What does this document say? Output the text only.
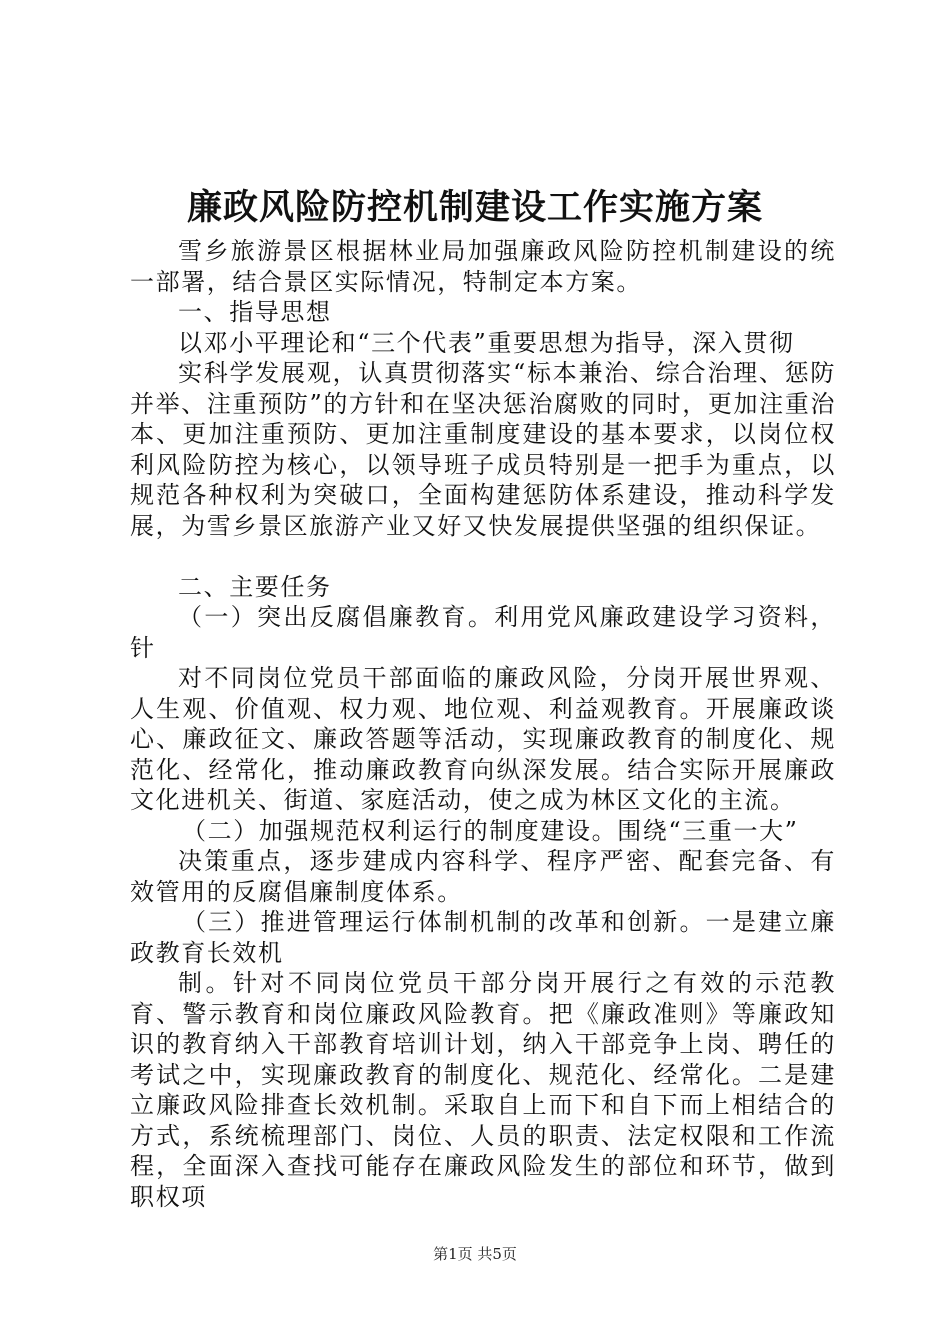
廉政风险防控机制建设工作实施方案

雪乡旅游景区根据林业局加强廉政风险防控机制建设的统一部署，结合景区实际情况，特制定本方案。

一、指导思想

以邓小平理论和“三个代表”重要思想为指导，深入贯彻

实科学发展观，认真贯彻落实“标本兼治、综合治理、惩防并举、注重预防”的方针和在坚决惩治腐败的同时，更加注重治本、更加注重预防、更加注重制度建设的基本要求，以岗位权利风险防控为核心，以领导班子成员特别是一把手为重点，以规范各种权利为突破口，全面构建惩防体系建设，推动科学发展，为雪乡景区旅游产业又好又快发展提供坚强的组织保证。

二、主要任务

（一）突出反腐倡廉教育。利用党风廉政建设学习资料，针

对不同岗位党员干部面临的廉政风险，分岗开展世界观、人生观、价值观、权力观、地位观、利益观教育。开展廉政谈心、廉政征文、廉政答题等活动，实现廉政教育的制度化、规范化、经常化，推动廉政教育向纵深发展。结合实际开展廉政文化进机关、街道、家庭活动，使之成为林区文化的主流。

（二）加强规范权利运行的制度建设。围绕“三重一大”

决策重点，逐步建成内容科学、程序严密、配套完备、有效管用的反腐倡廉制度体系。

（三）推进管理运行体制机制的改革和创新。一是建立廉政教育长效机

制。针对不同岗位党员干部分岗开展行之有效的示范教育、警示教育和岗位廉政风险教育。把《廉政准则》等廉政知识的教育纳入干部教育培训计划，纳入干部竞争上岗、聘任的考试之中，实现廉政教育的制度化、规范化、经常化。二是建立廉政风险排查长效机制。采取自上而下和自下而上相结合的方式，系统梳理部门、岗位、人员的职责、法定权限和工作流程，全面深入查找可能存在廉政风险发生的部位和环节，做到职权项

第1页 共5页
